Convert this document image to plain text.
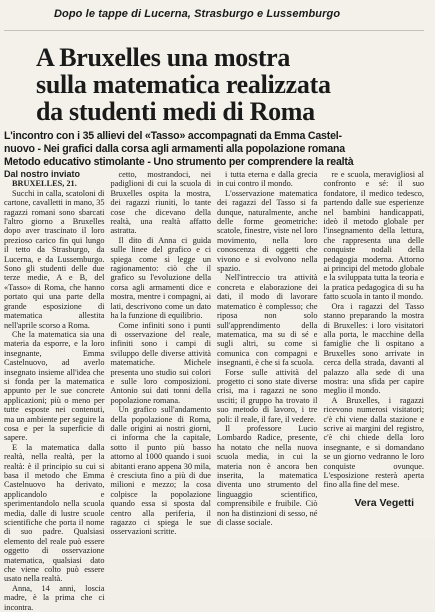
Dopo le tappe di Lucerna, Strasburgo e Lussemburgo
A Bruxelles una mostra
sulla matematica realizzata
da studenti medi di Roma
L'incontro con i 35 allievi del «Tasso» accompagnati da Emma Castel-
nuovo - Nei grafici dalla corsa agli armamenti alla popolazione romana
Metodo educativo stimolante - Uno strumento per comprendere la realtà

Dal nostro inviato

BRUXELLES, 21.

Succhi in calla, scatoloni di cartone, cavalletti in mano, 35 ragazzi romani sono sbarcati l'altro giorno a Bruxelles dopo aver trascinato il loro prezioso carico fin qui lungo il tetto da Strasburgo, da Lucerna, e da Lussemburgo. Sono gli studenti delle due terze medie, A e B, del «Tasso» di Roma, che hanno portato qui una parte della grande esposizione di matematica allestita nell'aprile scorso a Roma.

Che la matematica sia una materia da esporre, e la loro insegnante, Emma Castelnuovo, ad averlo insegnato insieme all'idea che si fonda per la matematica appunto per le sue concrete applicazioni; più o meno per tutte esposte nei contenuti, ma un ambiente per seguire la cosa e per la superficie di sapere.

E la matematica dalla realtà, nella realtà, per la realtà: è il principio su cui si basa il metodo che Emma Castelnuovo ha derivato, applicandolo e sperimentandolo nella scuola media, dalle di lustre scuole scientifiche che porta il nome di suo padre. Qualsiasi elemento del reale può essere oggetto di osservazione matematica, qualsiasi dato che viene colto può essere usato nella realtà.

Anna, 14 anni, loscia madre, è la prima che ci incontra.

cetto, mostrandoci, nei padiglioni di cui la scuola di Bruxelles ospita la mostra, dei ragazzi riuniti, lo tante cose che dicevano della realtà, una realtà affatto astratta.

Il dito di Anna ci guida sulle linee del grafico e ci spiega come si legge un ragionamento: ciò che il grafico su l'evoluzione della corsa agli armamenti dice e mostra, mentre i compagni, ai lati, descrivono come un dato ha la funzione di equilibrio.

Come infiniti sono i punti di osservazione del reale, infiniti sono i campi di sviluppo delle diverse attività matematiche. Michele presenta uno studio sui colori e sulle loro composizioni. Antonio sui dati tonni della popolazione romana.

Un grafico sull'andamento della popolazione di Roma, dalle origini ai nostri giorni, ci informa che la capitale, sotto il punto più basso attorno al 1000 quando i suoi abitanti erano appena 30 mila, è cresciuta fino a più di due milioni e mezzo; la cosa colpisce la popolazione quando essa si sposta dal centro alla periferia, il ragazzo ci spiega le sue osservazioni scritte.

i tutta eterna e dalla grecia in cui contro il mondo.

L'osservazione matematica dei ragazzi del Tasso si fa dunque, naturalmente, anche delle forme geometriche: scatole, finestre, viste nel loro movimento, nella loro conoscenza di oggetti che vivono e si evolvono nella spazio.

Nell'intreccio tra attività concreta e elaborazione dei dati, il modo di lavorare matematico è complesso; che riposa non solo sull'apprendimento della matematica, ma su di sé e sugli altri, su come si comunica con compagni e insegnanti, è che si fa scuola.

Forse sulle attività del progetto ci sono state diverse crisi, ma i ragazzi ne sono usciti; il gruppo ha trovato il suo metodo di lavoro, i tre poli: il reale, il fare, il vedere.

Il professore Lucio Lombardo Radice, presente, ha notato che nella nuova scuola media, in cui la materia non è ancora ben inserita, la matematica diventa uno strumento del linguaggio scientifico, comprensibile e fruibile. Ciò non ha distinzioni di sesso, né di classe sociale.

re e scuola, meravigliosi al confronto e sé: il suo fondatore, il medico tedesco, partendo dalle sue esperienze nel bambini handicappati, ideò il metodo globale per l'insegnamento della lettura, che rappresenta una delle conquiste nodali della pedagogia moderna. Attorno ai principi del metodo globale e la sviluppata tutta la teoria e la pratica pedagogica di su ha fatto scuola in tanto il mondo.

Ora i ragazzi del Tasso stanno preparando la mostra di Bruxelles: i loro visitatori alla porta, le macchine della famiglie che li ospitano a Bruxelles sono arrivate in cerca della strada, davanti al palazzo alla sede di una mostra: una sfida per capire meglio il mondo.

A Bruxelles, i ragazzi ricevono numerosi visitatori; c'è chi viene dalla stazione e scrive ai margini del registro, c'è chi chiede della loro insegnante, e si domandano se un giorno vedranno le loro conquiste ovunque. L'esposizione resterà aperta fino alla fine del mese.

Vera Vegetti
